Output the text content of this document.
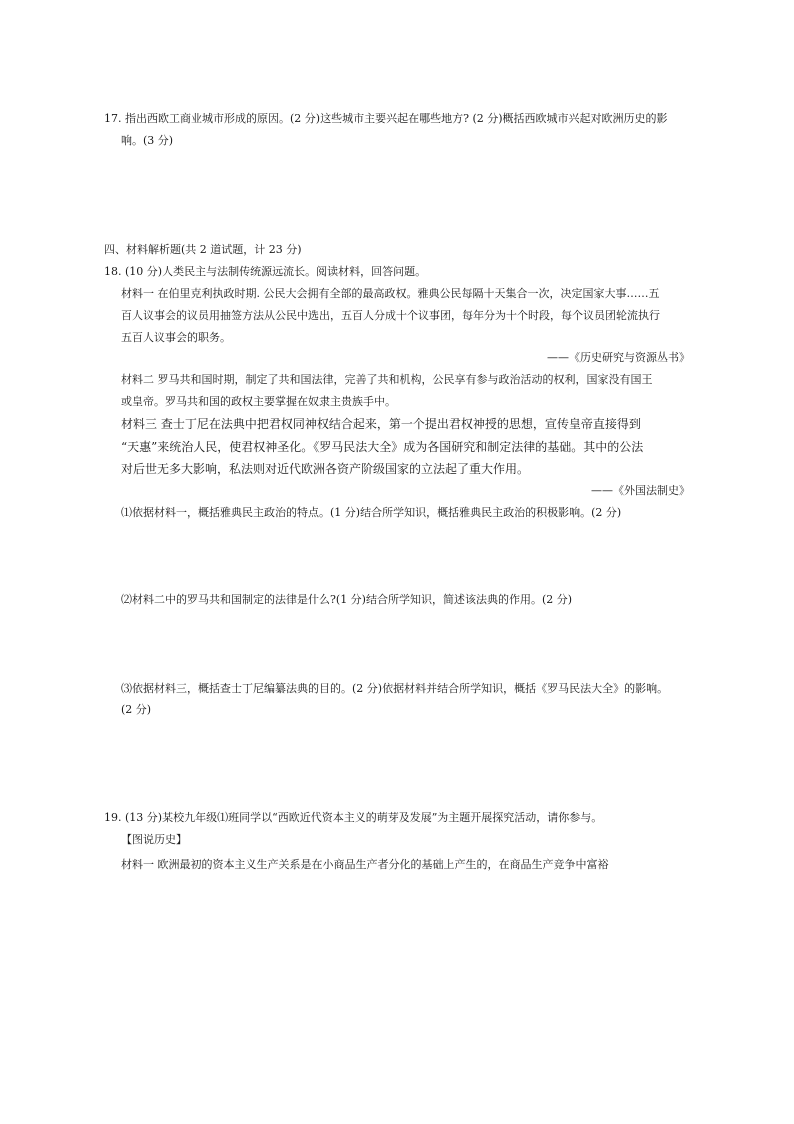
17. 指出西欧工商业城市形成的原因。(2 分)这些城市主要兴起在哪些地方? (2 分)概括西欧城市兴起对欧洲历史的影
响。(3 分)
四、材料解析题(共 2 道试题，计 23 分)
18. (10 分)人类民主与法制传统源远流长。阅读材料，回答问题。
材料一 在伯里克利执政时期. 公民大会拥有全部的最高政权。雅典公民每隔十天集合一次，决定国家大事……五
百人议事会的议员用抽签方法从公民中选出，五百人分成十个议事团，每年分为十个时段，每个议员团轮流执行
五百人议事会的职务。
——《历史研究与资源丛书》
材料二 罗马共和国时期，制定了共和国法律，完善了共和机构，公民享有参与政治活动的权利，国家没有国王
或皇帝。罗马共和国的政权主要掌握在奴隶主贵族手中。
材料三 查士丁尼在法典中把君权同神权结合起来，第一个提出君权神授的思想，宣传皇帝直接得到
“天惠”来统治人民，使君权神圣化。《罗马民法大全》成为各国研究和制定法律的基础。其中的公法
对后世无多大影响，私法则对近代欧洲各资产阶级国家的立法起了重大作用。
——《外国法制史》
⑴依据材料一，概括雅典民主政治的特点。(1 分)结合所学知识，概括雅典民主政治的积极影响。(2 分)
⑵材料二中的罗马共和国制定的法律是什么?(1 分)结合所学知识，简述该法典的作用。(2 分)
⑶依据材料三，概括查士丁尼编纂法典的目的。(2 分)依据材料并结合所学知识，概括《罗马民法大全》的影响。
(2 分)
19. (13 分)某校九年级⑴班同学以“西欧近代资本主义的萌芽及发展”为主题开展探究活动，请你参与。
【图说历史】
材料一 欧洲最初的资本主义生产关系是在小商品生产者分化的基础上产生的，在商品生产竞争中富裕
